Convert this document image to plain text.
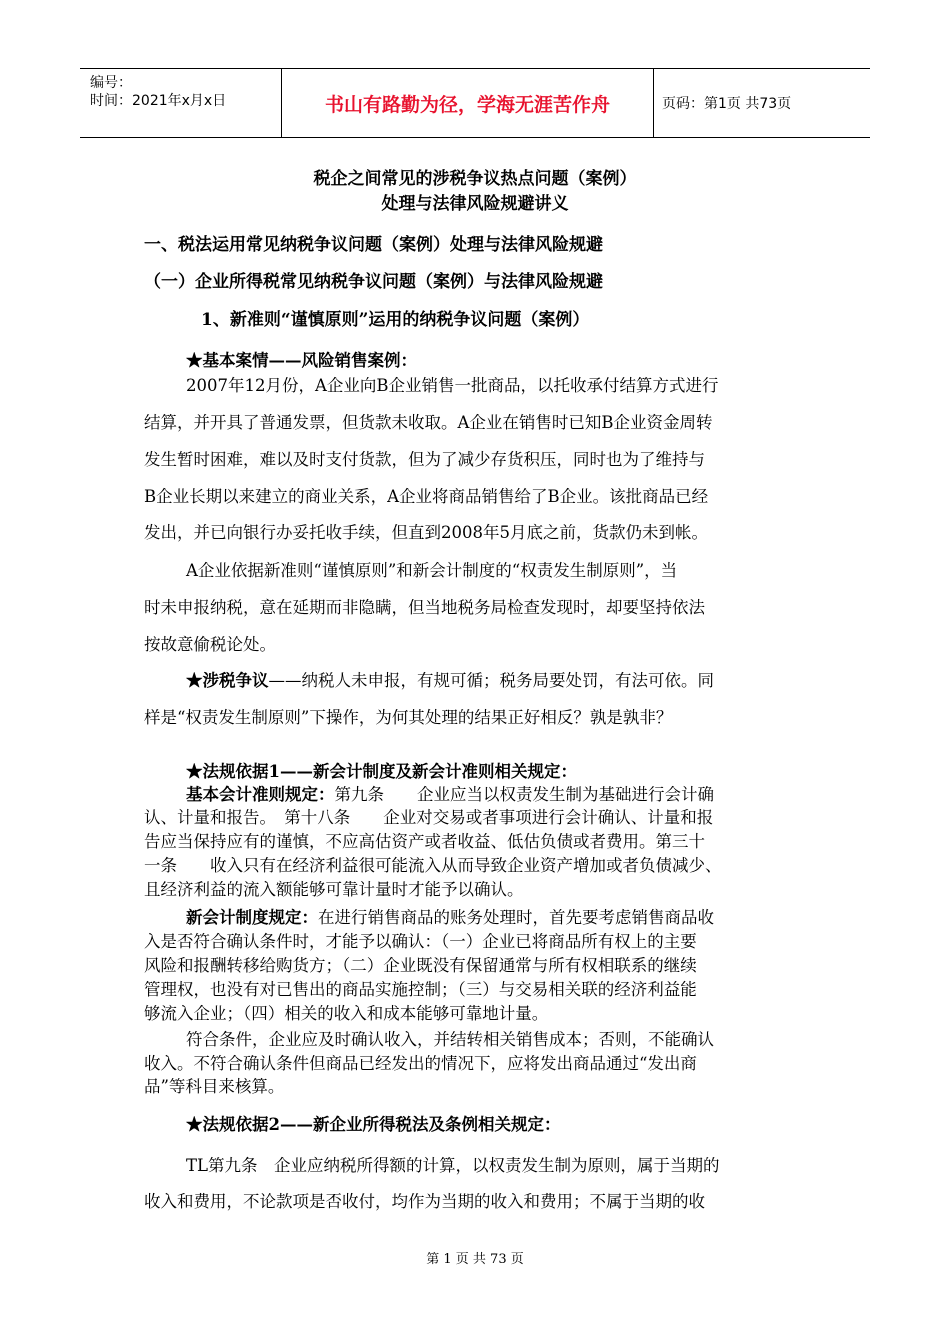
编号：
时间：2021年x月x日	书山有路勤为径，学海无涯苦作舟	页码：第1页 共73页
税企之间常见的涉税争议热点问题（案例）
处理与法律风险规避讲义
一、税法运用常见纳税争议问题（案例）处理与法律风险规避
（一）企业所得税常见纳税争议问题（案例）与法律风险规避
1、新准则“谨慎原则”运用的纳税争议问题（案例）
★基本案情——风险销售案例：
2007年12月份，A企业向B企业销售一批商品，以托收承付结算方式进行
结算，并开具了普通发票，但货款未收取。A企业在销售时已知B企业资金周转
发生暂时困难，难以及时支付货款，但为了减少存货积压，同时也为了维持与
B企业长期以来建立的商业关系，A企业将商品销售给了B企业。该批商品已经
发出，并已向银行办妥托收手续，但直到2008年5月底之前，货款仍未到帐。
A企业依据新准则“谨慎原则”和新会计制度的“权责发生制原则”，当
时未申报纳税，意在延期而非隐瞒，但当地税务局检查发现时，却要坚持依法
按故意偷税论处。
★涉税争议——纳税人未申报，有规可循；税务局要处罚，有法可依。同
样是“权责发生制原则”下操作，为何其处理的结果正好相反？孰是孰非？
★法规依据1——新会计制度及新会计准则相关规定：
基本会计准则规定：第九条　　企业应当以权责发生制为基础进行会计确
认、计量和报告。　第十八条　　企业对交易或者事项进行会计确认、计量和报
告应当保持应有的谨慎，不应高估资产或者收益、低估负债或者费用。第三十
一条　　收入只有在经济利益很可能流入从而导致企业资产增加或者负债减少、
且经济利益的流入额能够可靠计量时才能予以确认。
新会计制度规定：在进行销售商品的账务处理时，首先要考虑销售商品收
入是否符合确认条件时，才能予以确认：（一）企业已将商品所有权上的主要
风险和报酬转移给购货方；（二）企业既没有保留通常与所有权相联系的继续
管理权，也没有对已售出的商品实施控制；（三）与交易相关联的经济利益能
够流入企业；（四）相关的收入和成本能够可靠地计量。
符合条件，企业应及时确认收入，并结转相关销售成本；否则，不能确认
收入。不符合确认条件但商品已经发出的情况下，应将发出商品通过“发出商
品”等科目来核算。
★法规依据2——新企业所得税法及条例相关规定：
TL第九条　企业应纳税所得额的计算，以权责发生制为原则，属于当期的
收入和费用，不论款项是否收付，均作为当期的收入和费用；不属于当期的收
第 1 页 共 73 页
